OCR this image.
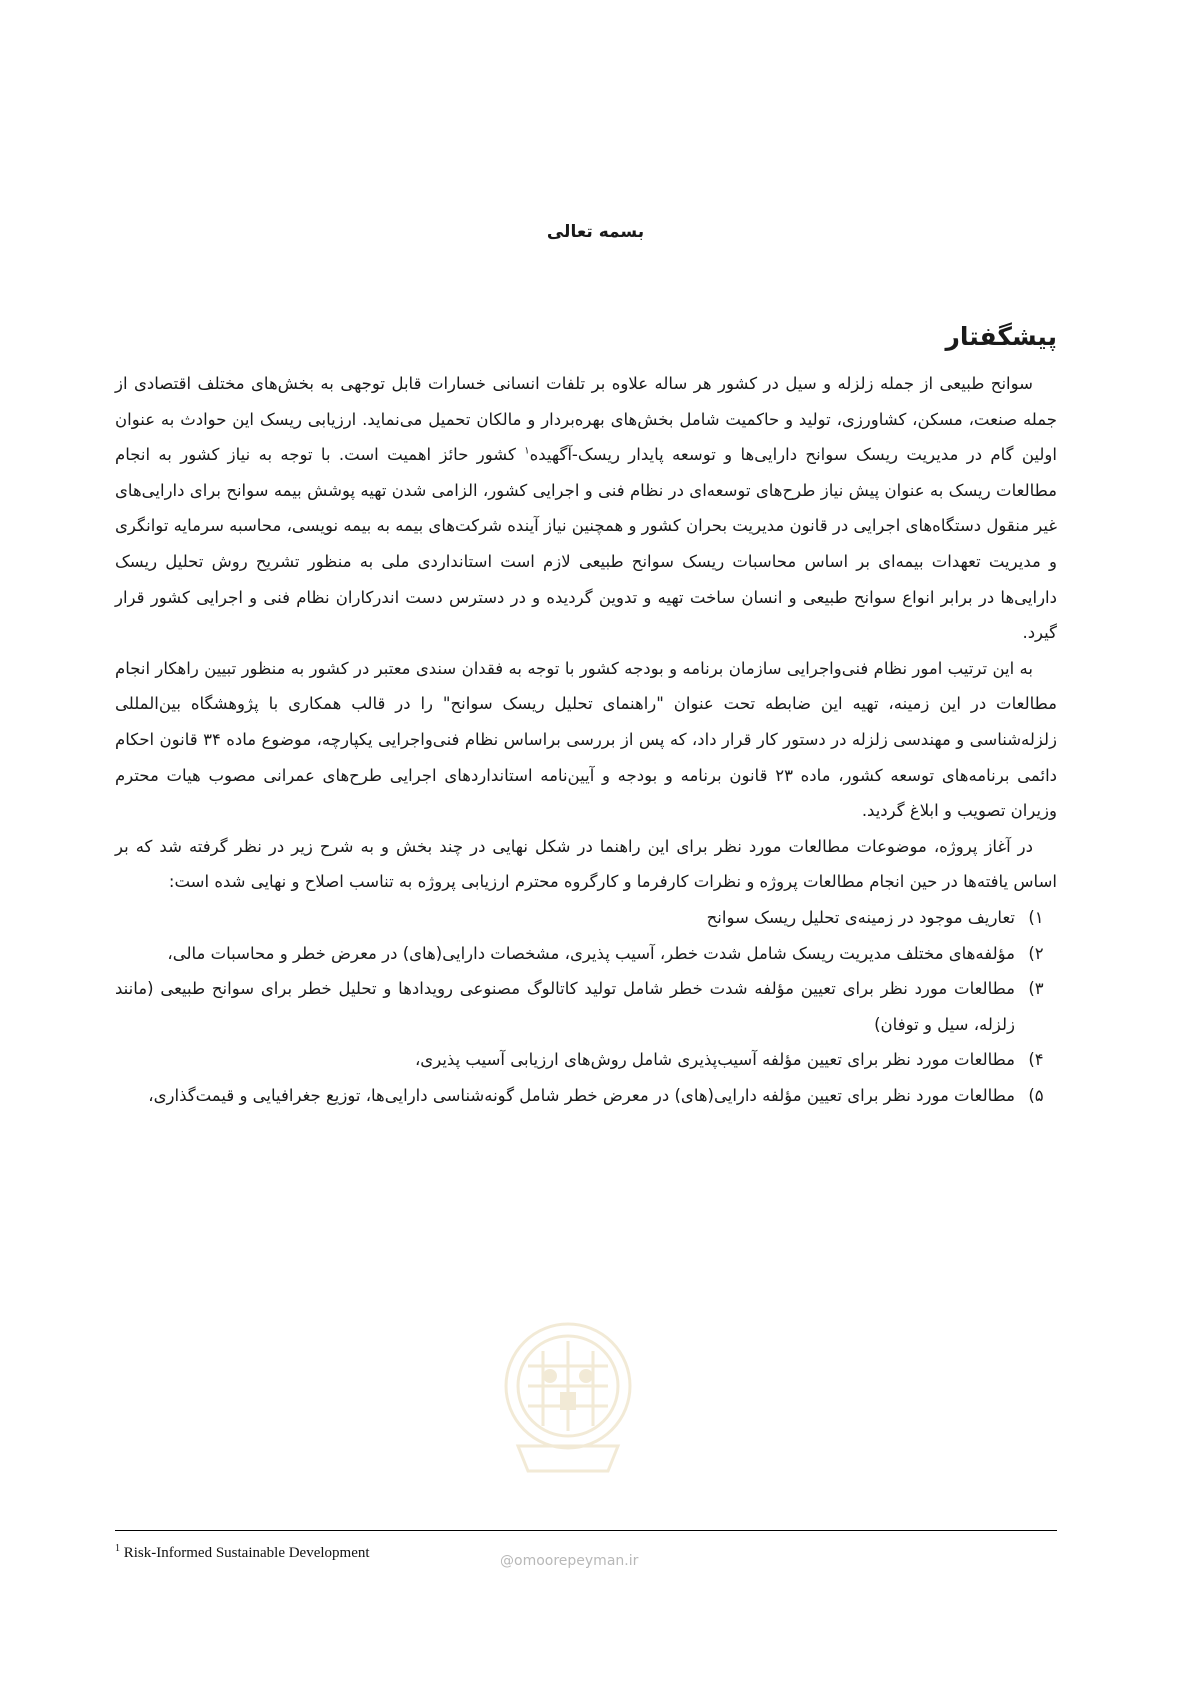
بسمه تعالی
پیشگفتار

سوانح طبیعی از جمله زلزله و سیل در کشور هر ساله علاوه بر تلفات انسانی خسارات قابل توجهی به بخش‌های مختلف اقتصادی از جمله صنعت، مسکن، کشاورزی، تولید و حاکمیت شامل بخش‌های بهره‌بردار و مالکان تحمیل می‌نماید. ارزیابی ریسک این حوادث به عنوان اولین گام در مدیریت ریسک سوانح دارایی‌ها و توسعه پایدار ریسک-آگهیده$^۱$ کشور حائز اهمیت است. با توجه به نیاز کشور به انجام مطالعات ریسک به عنوان پیش نیاز طرح‌های توسعه‌ای در نظام فنی و اجرایی کشور، الزامی شدن تهیه پوشش بیمه سوانح برای دارایی‌های غیر منقول دستگاه‌های اجرایی در قانون مدیریت بحران کشور و همچنین نیاز آینده شرکت‌های بیمه به بیمه نویسی، محاسبه سرمایه توانگری و مدیریت تعهدات بیمه‌ای بر اساس محاسبات ریسک سوانح طبیعی لازم است استانداردی ملی به منظور تشریح روش تحلیل ریسک دارایی‌ها در برابر انواع سوانح طبیعی و انسان ساخت تهیه و تدوین گردیده و در دسترس دست اندرکاران نظام فنی و اجرایی کشور قرار گیرد.

به این ترتیب امور نظام فنی‌واجرایی سازمان برنامه و بودجه کشور با توجه به فقدان سندی معتبر در کشور به منظور تبیین راهکار انجام مطالعات در این زمینه، تهیه این ضابطه تحت عنوان "راهنمای تحلیل ریسک سوانح" را در قالب همکاری با پژوهشگاه بین‌المللی زلزله‌شناسی و مهندسی زلزله در دستور کار قرار داد، که پس از بررسی براساس نظام فنی‌واجرایی یکپارچه، موضوع ماده ۳۴ قانون احکام دائمی برنامه‌های توسعه کشور، ماده ۲۳ قانون برنامه و بودجه و آیین‌نامه استانداردهای اجرایی طرح‌های عمرانی مصوب هیات محترم وزیران تصویب و ابلاغ گردید.

در آغاز پروژه، موضوعات مطالعات مورد نظر برای این راهنما در شکل نهایی در چند بخش و به شرح زیر در نظر گرفته شد که بر اساس یافته‌ها در حین انجام مطالعات پروژه و نظرات کارفرما و کارگروه محترم ارزیابی پروژه به تناسب اصلاح و نهایی شده است:

۱)
تعاریف موجود در زمینه‌ی تحلیل ریسک سوانح
۲)
مؤلفه‌های مختلف مدیریت ریسک شامل شدت خطر، آسیب پذیری، مشخصات دارایی(های) در معرض خطر و محاسبات مالی،
۳)
مطالعات مورد نظر برای تعیین مؤلفه شدت خطر شامل تولید کاتالوگ مصنوعی رویدادها و تحلیل خطر برای سوانح طبیعی (مانند زلزله، سیل و توفان)
۴)
مطالعات مورد نظر برای تعیین مؤلفه آسیب‌پذیری شامل روش‌های ارزیابی آسیب پذیری،
۵)
مطالعات مورد نظر برای تعیین مؤلفه دارایی(های) در معرض خطر شامل گونه‌شناسی دارایی‌ها، توزیع جغرافیایی و قیمت‌گذاری،
$^1$ Risk-Informed Sustainable Development	@omoorepeyman.ir
